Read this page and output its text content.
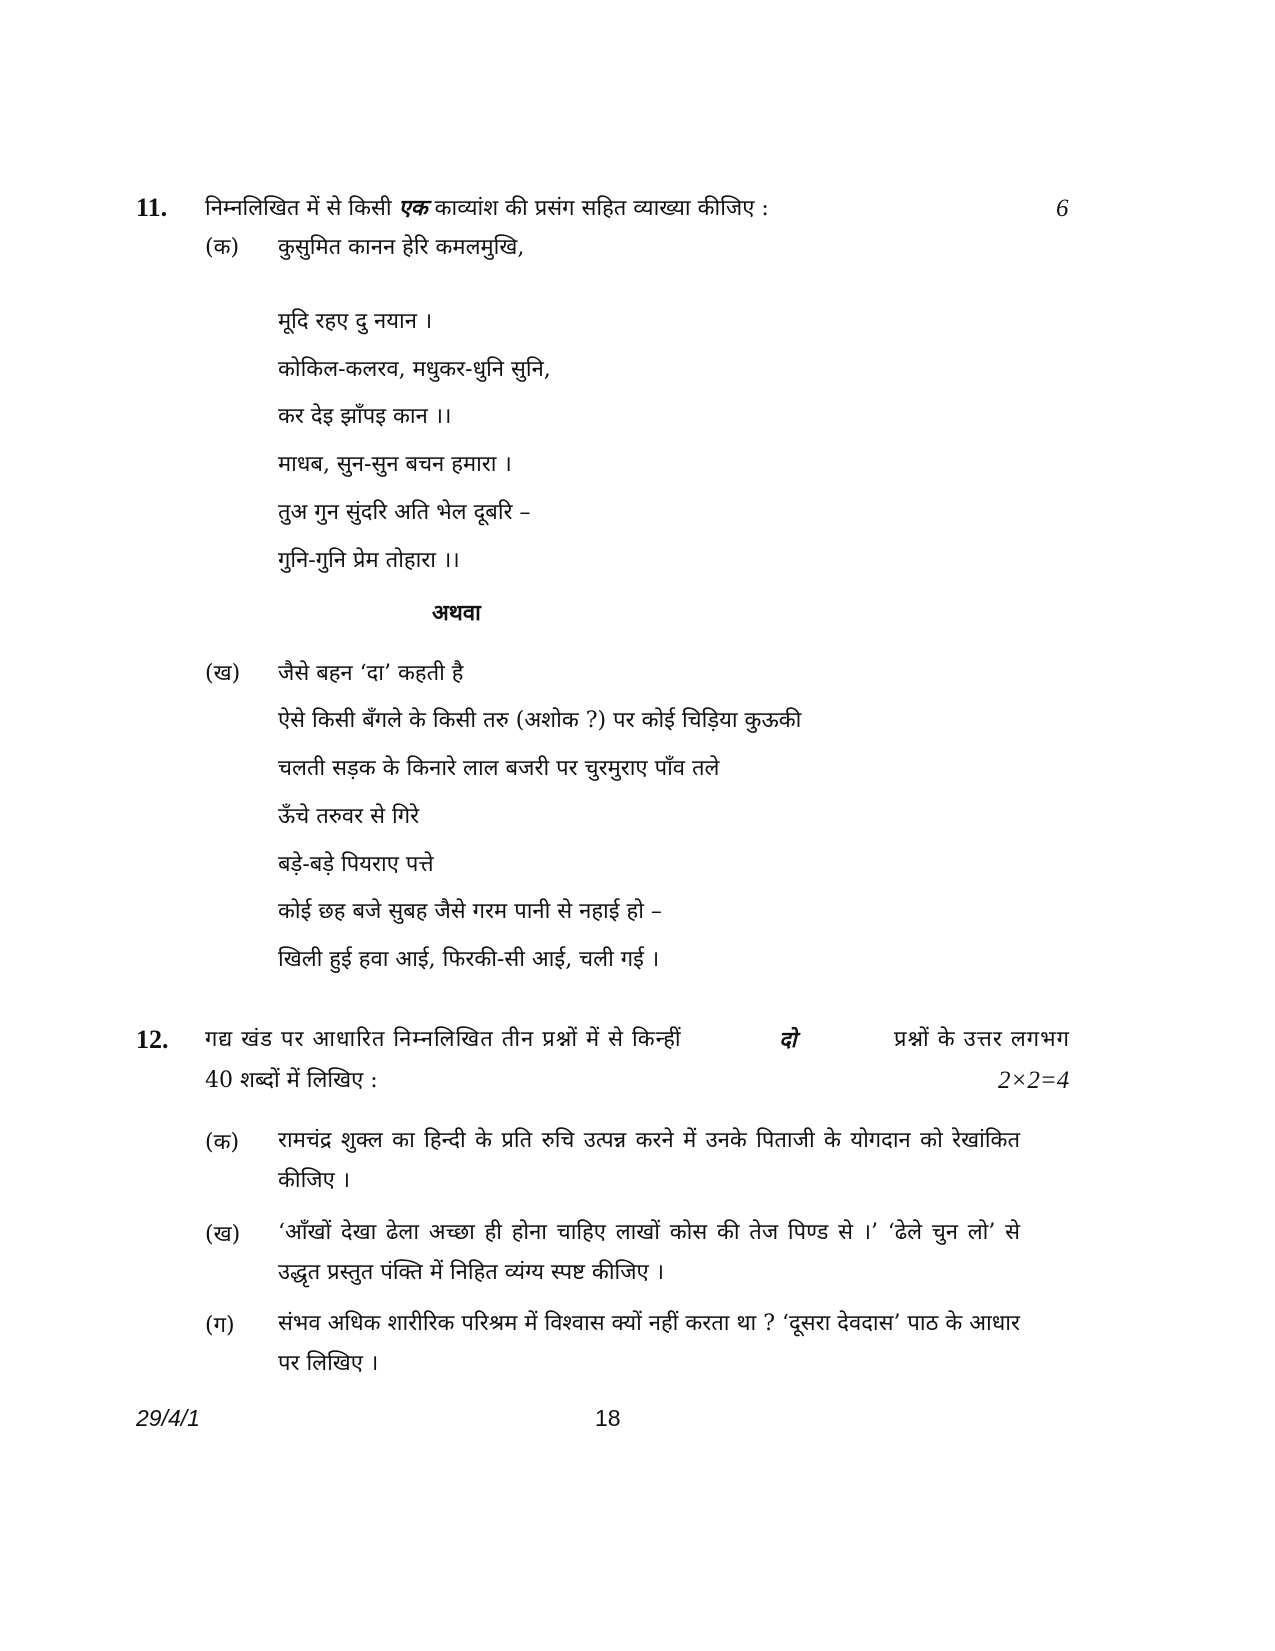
11. निम्नलिखित में से किसी एक काव्यांश की प्रसंग सहित व्याख्या कीजिए :	6
(क) कुसुमित कानन हेरि कमलमुखि,
मूदि रहए दु नयान ।
कोकिल-कलरव, मधुकर-धुनि सुनि,
कर देइ झाँपइ कान ।।
माधब, सुन-सुन बचन हमारा ।
तुअ गुन सुंदरि अति भेल दूबरि –
गुनि-गुनि प्रेम तोहारा ।।
अथवा
(ख) जैसे बहन ‘दा’ कहती है
ऐसे किसी बँगले के किसी तरु (अशोक ?) पर कोई चिड़िया कुऊकी
चलती सड़क के किनारे लाल बजरी पर चुरमुराए पाँव तले
ऊँचे तरुवर से गिरे
बड़े-बड़े पियराए पत्ते
कोई छह बजे सुबह जैसे गरम पानी से नहाई हो –
खिली हुई हवा आई, फिरकी-सी आई, चली गई ।
12. गद्य खंड पर आधारित निम्नलिखित तीन प्रश्नों में से किन्हीं	दो	प्रश्नों के उत्तर लगभग
40 शब्दों में लिखिए :	2×2=4
(क) रामचंद्र शुक्ल का हिन्दी के प्रति रुचि उत्पन्न करने में उनके पिताजी के योगदान को रेखांकित कीजिए ।
(ख) ‘आँखों देखा ढेला अच्छा ही होना चाहिए लाखों कोस की तेज पिण्ड से ।’ ‘ढेले चुन लो’ से उद्धृत प्रस्तुत पंक्ति में निहित व्यंग्य स्पष्ट कीजिए ।
(ग) संभव अधिक शारीरिक परिश्रम में विश्वास क्यों नहीं करता था ? ‘दूसरा देवदास’ पाठ के आधार पर लिखिए ।
29/4/1	18
